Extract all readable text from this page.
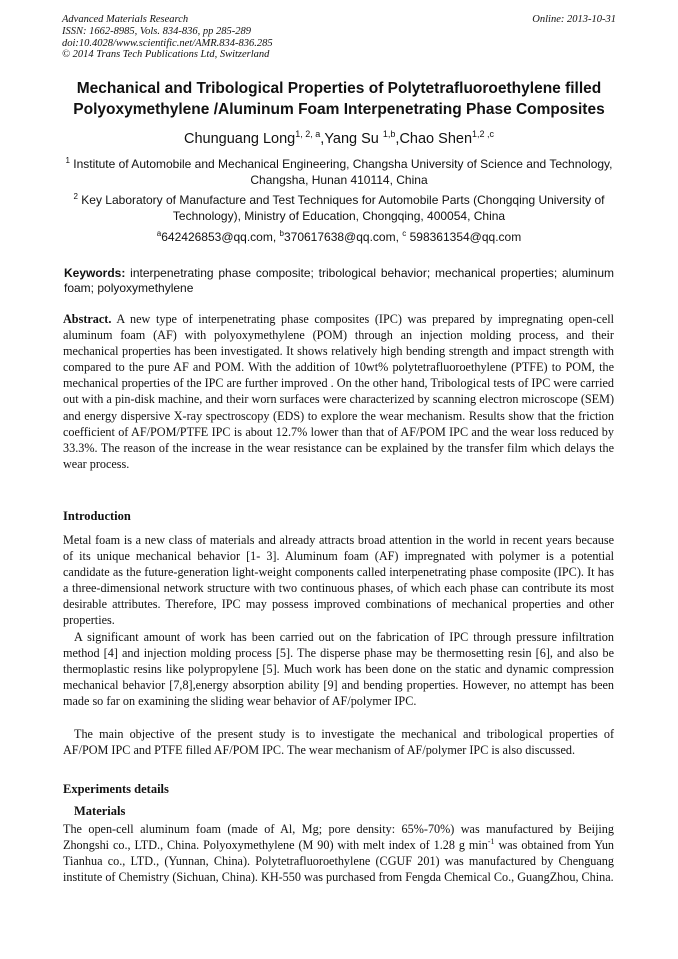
Advanced Materials Research
ISSN: 1662-8985, Vols. 834-836, pp 285-289
doi:10.4028/www.scientific.net/AMR.834-836.285
© 2014 Trans Tech Publications Ltd, Switzerland
Online: 2013-10-31
Mechanical and Tribological Properties of Polytetrafluoroethylene filled
Polyoxymethylene /Aluminum Foam Interpenetrating Phase Composites
Chunguang Long$^{1, 2, a}$,Yang Su $^{1,b}$,Chao Shen$^{1,2 ,c}$
$^1$ Institute of Automobile and Mechanical Engineering, Changsha University of Science and Technology, Changsha, Hunan 410114, China
$^2$ Key Laboratory of Manufacture and Test Techniques for Automobile Parts (Chongqing University of Technology), Ministry of Education, Chongqing, 400054, China
$^a$642426853@qq.com, $^b$370617638@qq.com, $^c$ 598361354@qq.com
Keywords: interpenetrating phase composite; tribological behavior; mechanical properties; aluminum foam; polyoxymethylene
Abstract. A new type of interpenetrating phase composites (IPC) was prepared by impregnating open-cell aluminum foam (AF) with polyoxymethylene (POM) through an injection molding process, and their mechanical properties has been investigated. It shows relatively high bending strength and impact strength with compared to the pure AF and POM. With the addition of 10wt% polytetrafluoroethylene (PTFE) to POM, the mechanical properties of the IPC are further improved . On the other hand, Tribological tests of IPC were carried out with a pin-disk machine, and their worn surfaces were characterized by scanning electron microscope (SEM) and energy dispersive X-ray spectroscopy (EDS) to explore the wear mechanism. Results show that the friction coefficient of AF/POM/PTFE IPC is about 12.7% lower than that of AF/POM IPC and the wear loss reduced by 33.3%. The reason of the increase in the wear resistance can be explained by the transfer film which delays the wear process.
Introduction
Metal foam is a new class of materials and already attracts broad attention in the world in recent years because of its unique mechanical behavior [1- 3]. Aluminum foam (AF) impregnated with polymer is a potential candidate as the future-generation light-weight components called interpenetrating phase composite (IPC). It has a three-dimensional network structure with two continuous phases, of which each phase can contribute its most desirable attributes. Therefore, IPC may possess improved combinations of mechanical properties and other properties.
A significant amount of work has been carried out on the fabrication of IPC through pressure infiltration method [4] and injection molding process [5]. The disperse phase may be thermosetting resin [6], and also be thermoplastic resins like polypropylene [5]. Much work has been done on the static and dynamic compression mechanical behavior [7,8],energy absorption ability [9] and bending properties. However, no attempt has been made so far on examining the sliding wear behavior of AF/polymer IPC.
The main objective of the present study is to investigate the mechanical and tribological properties of AF/POM IPC and PTFE filled AF/POM IPC. The wear mechanism of AF/polymer IPC is also discussed.
Experiments details
Materials
The open-cell aluminum foam (made of Al, Mg; pore density: 65%-70%) was manufactured by Beijing Zhongshi co., LTD., China. Polyoxymethylene (M 90) with melt index of 1.28 g $\min^{-1}$ was obtained from Yun Tianhua co., LTD., (Yunnan, China). Polytetrafluoroethylene (CGUF 201) was manufactured by Chenguang institute of Chemistry (Sichuan, China). KH-550 was purchased from Fengda Chemical Co., GuangZhou, China.
